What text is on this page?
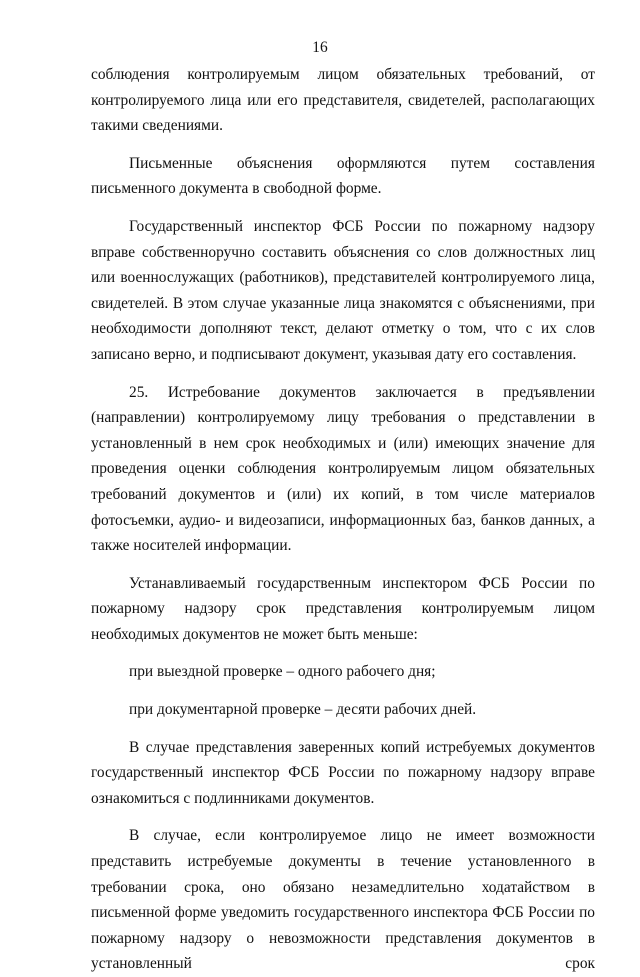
16

соблюдения контролируемым лицом обязательных требований, от контролируемого лица или его представителя, свидетелей, располагающих такими сведениями.

Письменные объяснения оформляются путем составления письменного документа в свободной форме.

Государственный инспектор ФСБ России по пожарному надзору вправе собственноручно составить объяснения со слов должностных лиц или военнослужащих (работников), представителей контролируемого лица, свидетелей. В этом случае указанные лица знакомятся с объяснениями, при необходимости дополняют текст, делают отметку о том, что с их слов записано верно, и подписывают документ, указывая дату его составления.

25. Истребование документов заключается в предъявлении (направлении) контролируемому лицу требования о представлении в установленный в нем срок необходимых и (или) имеющих значение для проведения оценки соблюдения контролируемым лицом обязательных требований документов и (или) их копий, в том числе материалов фотосъемки, аудио- и видеозаписи, информационных баз, банков данных, а также носителей информации.

Устанавливаемый государственным инспектором ФСБ России по пожарному надзору срок представления контролируемым лицом необходимых документов не может быть меньше:

при выездной проверке – одного рабочего дня;

при документарной проверке – десяти рабочих дней.

В случае представления заверенных копий истребуемых документов государственный инспектор ФСБ России по пожарному надзору вправе ознакомиться с подлинниками документов.

В случае, если контролируемое лицо не имеет возможности представить истребуемые документы в течение установленного в требовании срока, оно обязано незамедлительно ходатайством в письменной форме уведомить государственного инспектора ФСБ России по пожарному надзору о невозможности представления документов в установленный срок
